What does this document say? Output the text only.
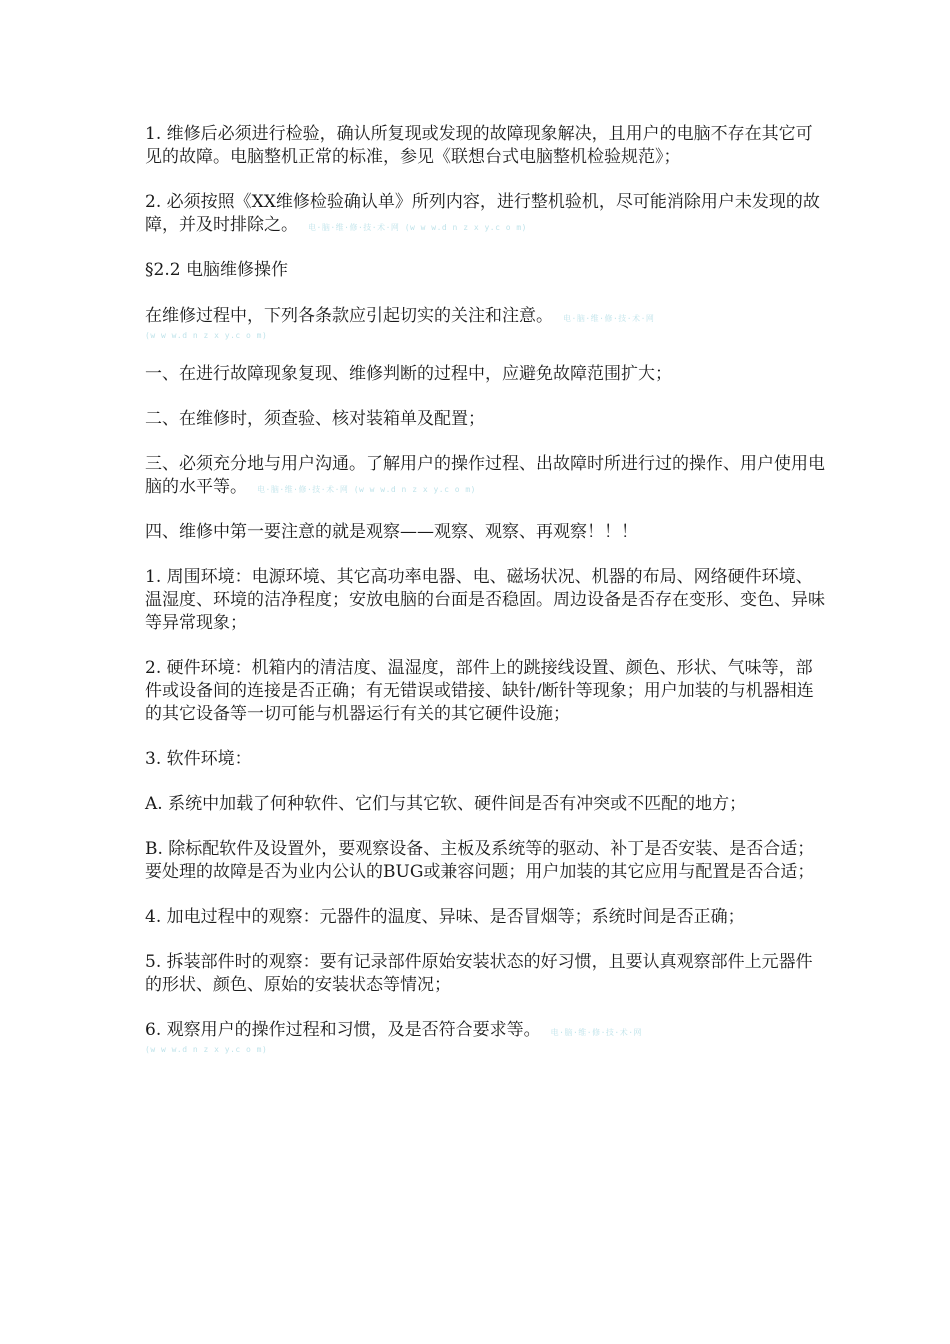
1. 维修后必须进行检验，确认所复现或发现的故障现象解决，且用户的电脑不存在其它可见的故障。电脑整机正常的标准，参见《联想台式电脑整机检验规范》；

2. 必须按照《XX维修检验确认单》所列内容，进行整机验机，尽可能消除用户未发现的故障，并及时排除之。 电·脑·维·修·技·术·网 (w w w.d n z x y.c o m)

§2.2 电脑维修操作

在维修过程中，下列各条款应引起切实的关注和注意。 电·脑·维·修·技·术·网
(w w w.d n z x y.c o m)

一、在进行故障现象复现、维修判断的过程中，应避免故障范围扩大；

二、在维修时，须查验、核对装箱单及配置；

三、必须充分地与用户沟通。了解用户的操作过程、出故障时所进行过的操作、用户使用电脑的水平等。 电·脑·维·修·技·术·网 (w w w.d n z x y.c o m)

四、维修中第一要注意的就是观察——观察、观察、再观察！！！

1. 周围环境：电源环境、其它高功率电器、电、磁场状况、机器的布局、网络硬件环境、温湿度、环境的洁净程度；安放电脑的台面是否稳固。周边设备是否存在变形、变色、异味等异常现象；

2. 硬件环境：机箱内的清洁度、温湿度，部件上的跳接线设置、颜色、形状、气味等，部件或设备间的连接是否正确；有无错误或错接、缺针/断针等现象；用户加装的与机器相连的其它设备等一切可能与机器运行有关的其它硬件设施；

3. 软件环境：

A. 系统中加载了何种软件、它们与其它软、硬件间是否有冲突或不匹配的地方；

B. 除标配软件及设置外，要观察设备、主板及系统等的驱动、补丁是否安装、是否合适；要处理的故障是否为业内公认的BUG或兼容问题；用户加装的其它应用与配置是否合适；

4. 加电过程中的观察：元器件的温度、异味、是否冒烟等；系统时间是否正确；

5. 拆装部件时的观察：要有记录部件原始安装状态的好习惯，且要认真观察部件上元器件的形状、颜色、原始的安装状态等情况；

6. 观察用户的操作过程和习惯，及是否符合要求等。 电·脑·维·修·技·术·网
(w w w.d n z x y.c o m)
